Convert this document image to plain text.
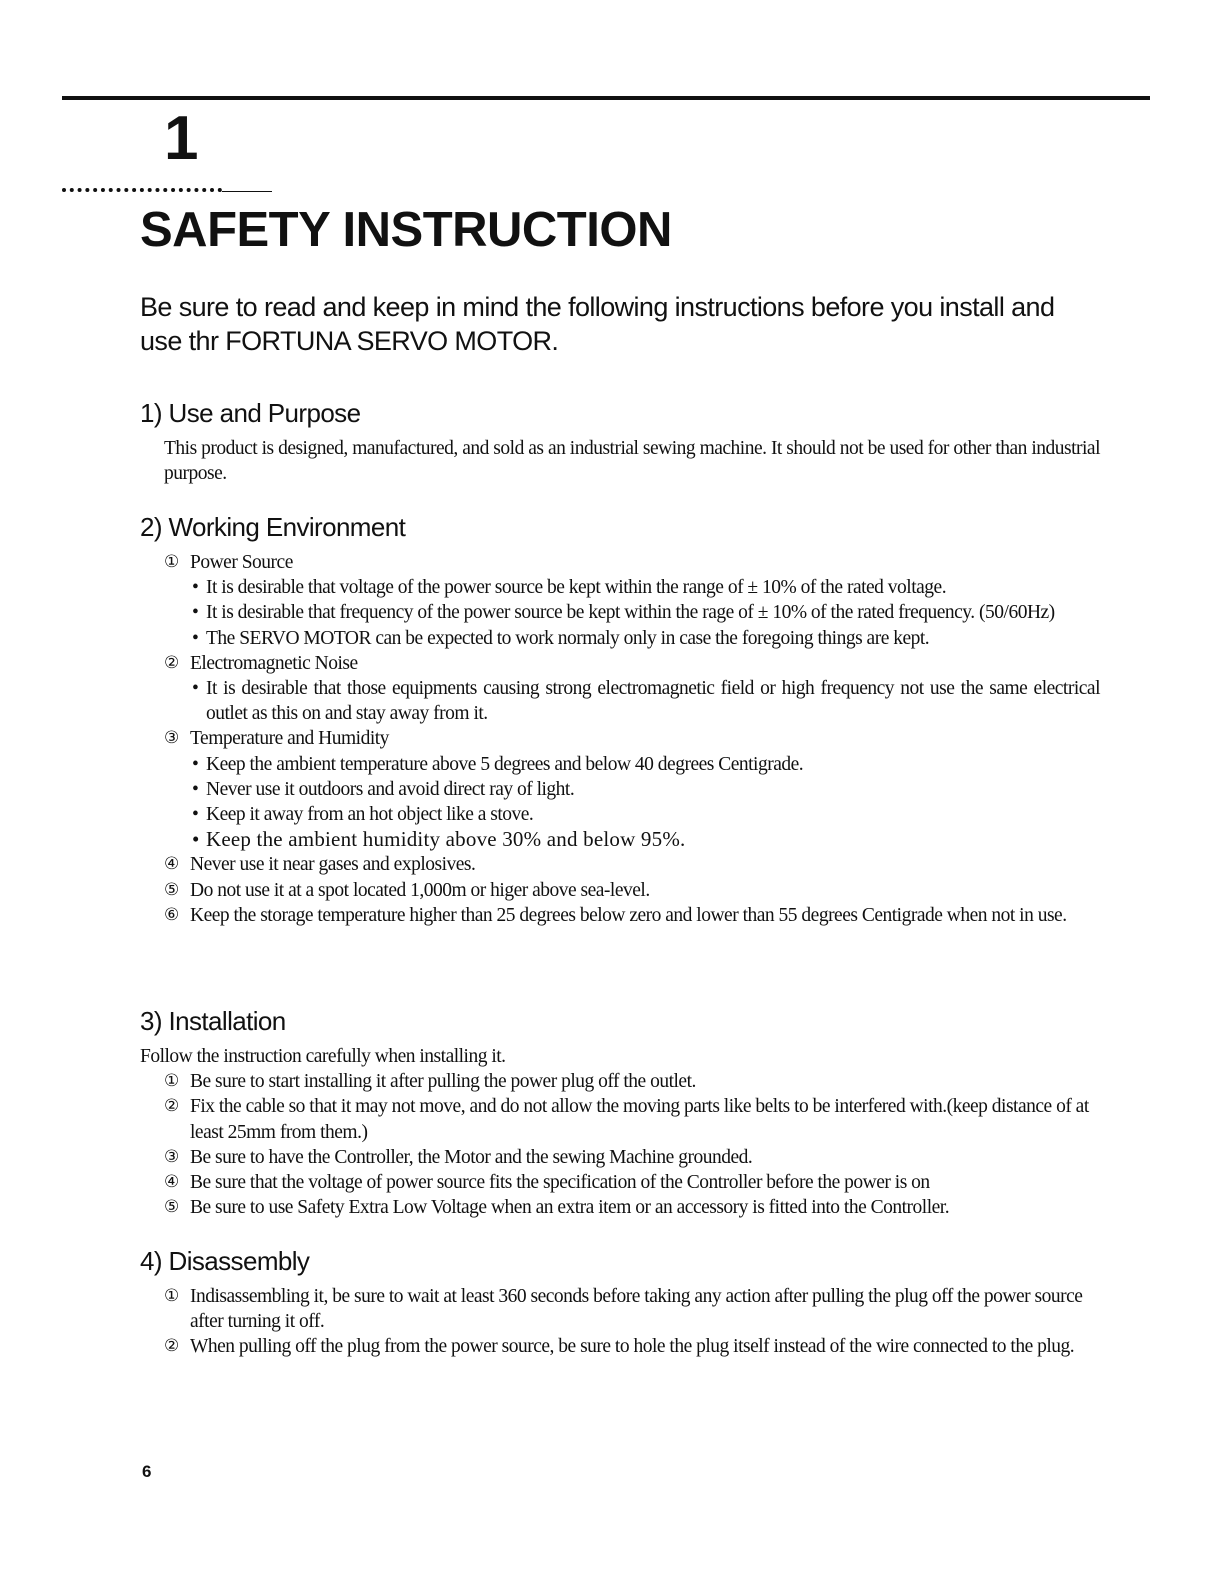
1
SAFETY INSTRUCTION

Be sure to read and keep in mind the following instructions before you install and use thr FORTUNA SERVO MOTOR.

1) Use and Purpose

This product is designed, manufactured, and sold as an industrial sewing machine. It should not be used for other than industrial purpose.

2) Working Environment
① Power Source
• It is desirable that voltage of the power source be kept within the range of ± 10% of the rated voltage.
• It is desirable that frequency of the power source be kept within the rage of ± 10% of the rated frequency. (50/60Hz)
• The SERVO MOTOR can be expected to work normaly only in case the foregoing things are kept.
② Electromagnetic Noise
• It is desirable that those equipments causing strong electromagnetic field or high frequency not use the same electrical outlet as this on and stay away from it.
③ Temperature and Humidity
• Keep the ambient temperature above 5 degrees and below 40 degrees Centigrade.
• Never use it outdoors and avoid direct ray of light.
• Keep it away from an hot object like a stove.
• Keep the ambient humidity above 30% and below 95%.
④ Never use it near gases and explosives.
⑤ Do not use it at a spot located 1,000m or higer above sea-level.
⑥ Keep the storage temperature higher than 25 degrees below zero and lower than 55 degrees Centigrade when not in use.
3) Installation

Follow the instruction carefully when installing it.

① Be sure to start installing it after pulling the power plug off the outlet.
② Fix the cable so that it may not move, and do not allow the moving parts like belts to be interfered with.(keep distance of at least 25mm from them.)
③ Be sure to have the Controller, the Motor and the sewing Machine grounded.
④ Be sure that the voltage of power source fits the specification of the Controller before the power is on
⑤ Be sure to use Safety Extra Low Voltage when an extra item or an accessory is fitted into the Controller.
4) Disassembly
① Indisassembling it, be sure to wait at least 360 seconds before taking any action after pulling the plug off the power source after turning it off.
② When pulling off the plug from the power source, be sure to hole the plug itself instead of the wire connected to the plug.
6
